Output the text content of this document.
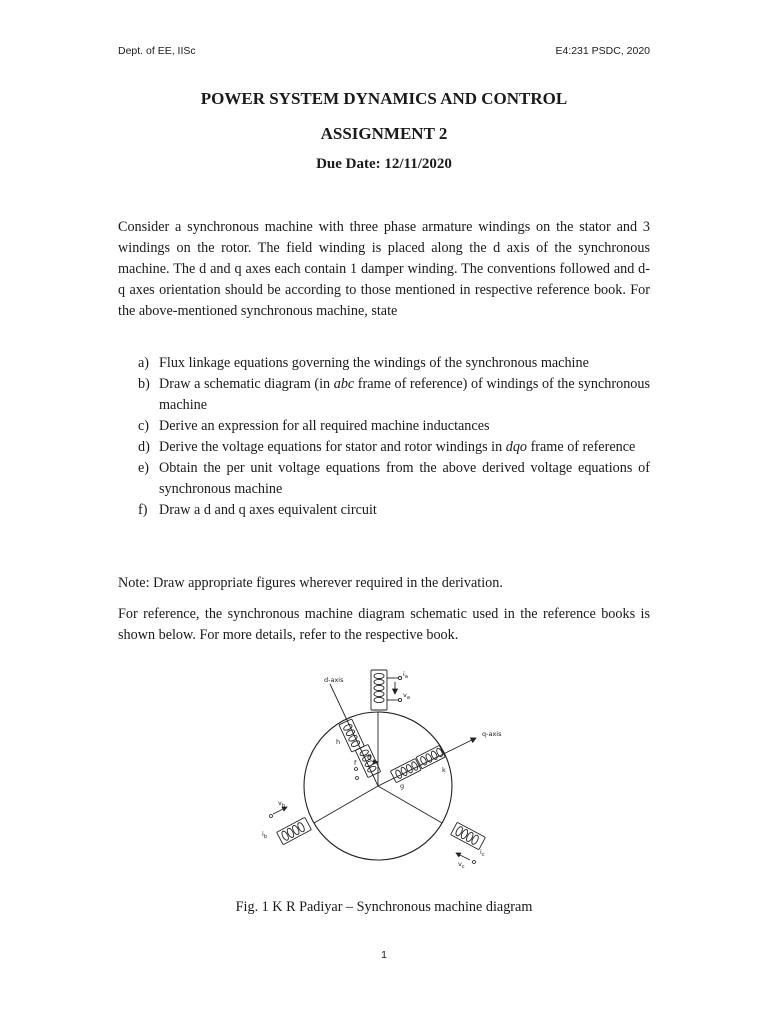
Dept. of EE, IISc	E4:231 PSDC, 2020
POWER SYSTEM DYNAMICS AND CONTROL
ASSIGNMENT 2
Due Date: 12/11/2020

Consider a synchronous machine with three phase armature windings on the stator and 3 windings on the rotor. The field winding is placed along the d axis of the synchronous machine. The d and q axes each contain 1 damper winding. The conventions followed and d-q axes orientation should be according to those mentioned in respective reference book. For the above-mentioned synchronous machine, state

a) Flux linkage equations governing the windings of the synchronous machine
b) Draw a schematic diagram (in abc frame of reference) of windings of the synchronous machine
c) Derive an expression for all required machine inductances
d) Derive the voltage equations for stator and rotor windings in dqo frame of reference
e) Obtain the per unit voltage equations from the above derived voltage equations of synchronous machine
f) Draw a d and q axes equivalent circuit

Note: Draw appropriate figures wherever required in the derivation.

For reference, the synchronous machine diagram schematic used in the reference books is shown below. For more details, refer to the respective book.

d-axis
q-axis
θ
$i_a$
$v_a$
h
f
g
k
$v_b$
$i_b$
$v_c$
$i_c$
Fig. 1 K R Padiyar – Synchronous machine diagram
1
